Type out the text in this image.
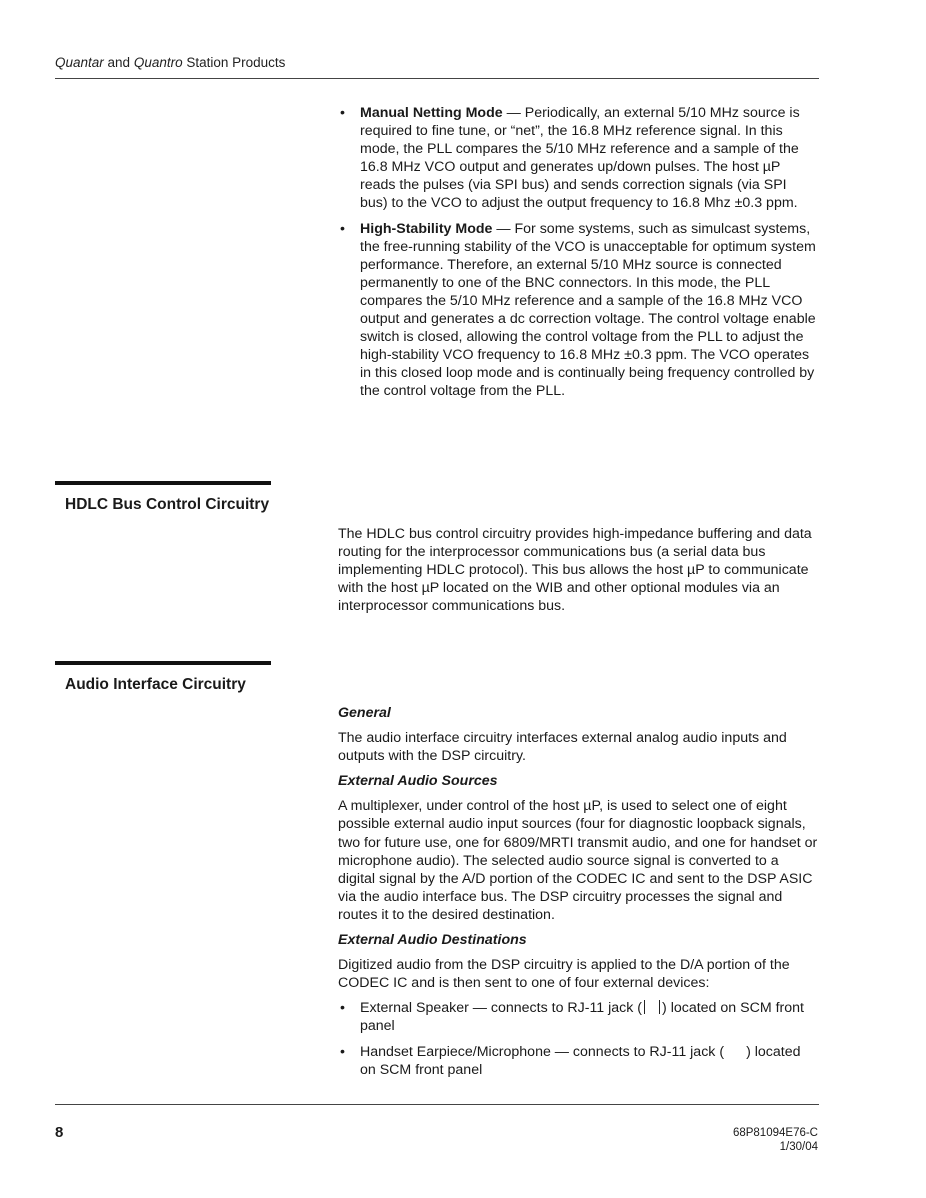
Quantar and Quantro Station Products
• Manual Netting Mode — Periodically, an external 5/10 MHz source is required to fine tune, or “net”, the 16.8 MHz reference signal. In this mode, the PLL compares the 5/10 MHz reference and a sample of the 16.8 MHz VCO output and generates up/down pulses. The host µP reads the pulses (via SPI bus) and sends correction signals (via SPI bus) to the VCO to adjust the output frequency to 16.8 Mhz ±0.3 ppm.
• High-Stability Mode — For some systems, such as simulcast systems, the free-running stability of the VCO is unacceptable for optimum system performance. Therefore, an external 5/10 MHz source is connected permanently to one of the BNC connectors. In this mode, the PLL compares the 5/10 MHz reference and a sample of the 16.8 MHz VCO output and generates a dc correction voltage. The control voltage enable switch is closed, allowing the control voltage from the PLL to adjust the high-stability VCO frequency to 16.8 MHz ±0.3 ppm. The VCO operates in this closed loop mode and is continually being frequency controlled by the control voltage from the PLL.
HDLC Bus Control Circuitry

The HDLC bus control circuitry provides high-impedance buffering and data routing for the interprocessor communications bus (a serial data bus implementing HDLC protocol). This bus allows the host µP to communicate with the host µP located on the WIB and other optional modules via an interprocessor communications bus.

Audio Interface Circuitry
General

The audio interface circuitry interfaces external analog audio inputs and outputs with the DSP circuitry.

External Audio Sources

A multiplexer, under control of the host µP, is used to select one of eight possible external audio input sources (four for diagnostic loopback signals, two for future use, one for 6809/MRTI transmit audio, and one for handset or microphone audio). The selected audio source signal is converted to a digital signal by the A/D portion of the CODEC IC and sent to the DSP ASIC via the audio interface bus. The DSP circuitry processes the signal and routes it to the desired destination.

External Audio Destinations

Digitized audio from the DSP circuitry is applied to the D/A portion of the CODEC IC and is then sent to one of four external devices:

• External Speaker — connects to RJ-11 jack ( ) located on SCM front panel
• Handset Earpiece/Microphone — connects to RJ-11 jack ( ) located on SCM front panel
8	68P81094E76-C
1/30/04
